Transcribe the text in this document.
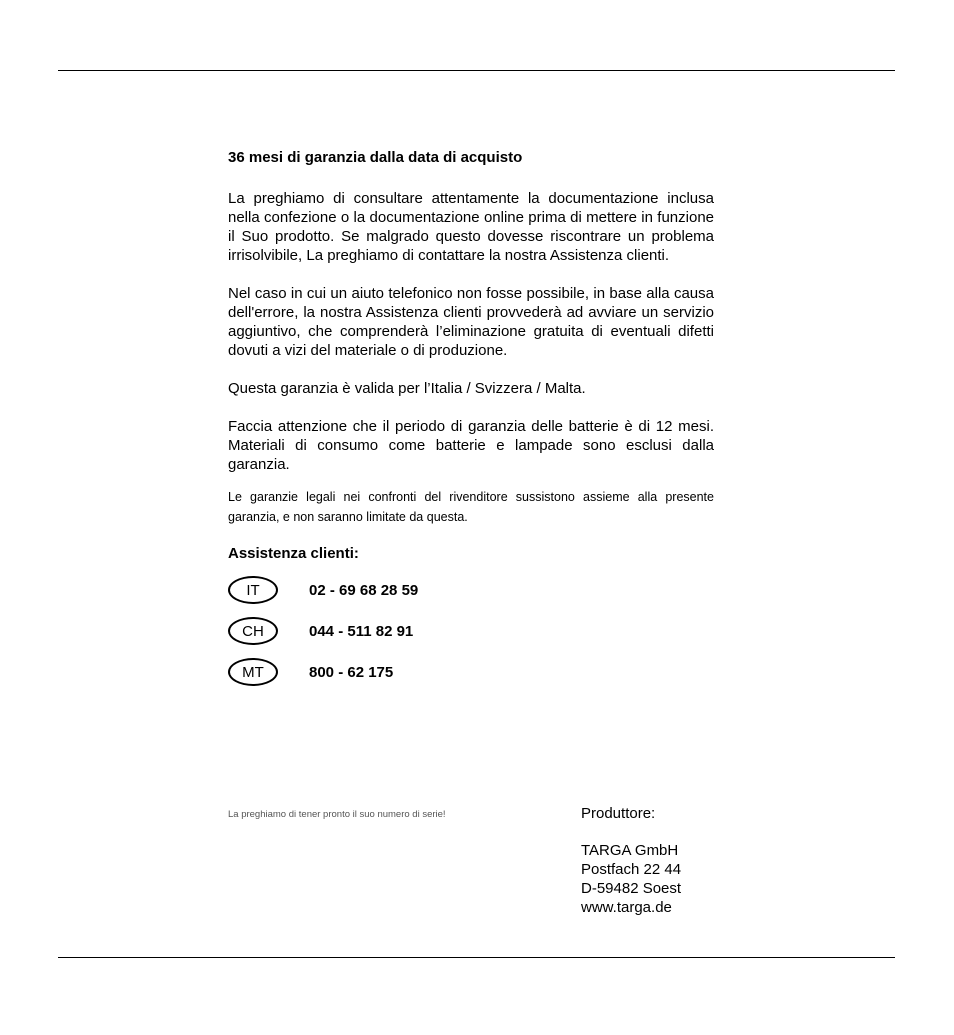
36 mesi di garanzia dalla data di acquisto

La preghiamo di consultare attentamente la documentazione inclusa nella confezione o la documentazione online prima di mettere in funzione il Suo prodotto. Se malgrado questo dovesse riscontrare un problema irrisolvibile, La preghiamo di contattare la nostra Assistenza clienti.

Nel caso in cui un aiuto telefonico non fosse possibile, in base alla causa dell'errore, la nostra Assistenza clienti provvederà ad avviare un servizio aggiuntivo, che comprenderà l’eliminazione gratuita di eventuali difetti dovuti a vizi del materiale o di produzione.

Questa garanzia è valida per l’Italia / Svizzera / Malta.

Faccia attenzione che il periodo di garanzia delle batterie è di 12 mesi. Materiali di consumo come batterie e lampade sono esclusi dalla garanzia.

Le garanzie legali nei confronti del rivenditore sussistono assieme alla presente garanzia, e non saranno limitate da questa.

Assistenza clienti:

IT	02 - 69 68 28 59
CH	044 - 511 82 91
MT	800 - 62 175
La preghiamo di tener pronto il suo numero di serie!	Produttore:

TARGA GmbH
Postfach 22 44
D-59482 Soest
www.targa.de
